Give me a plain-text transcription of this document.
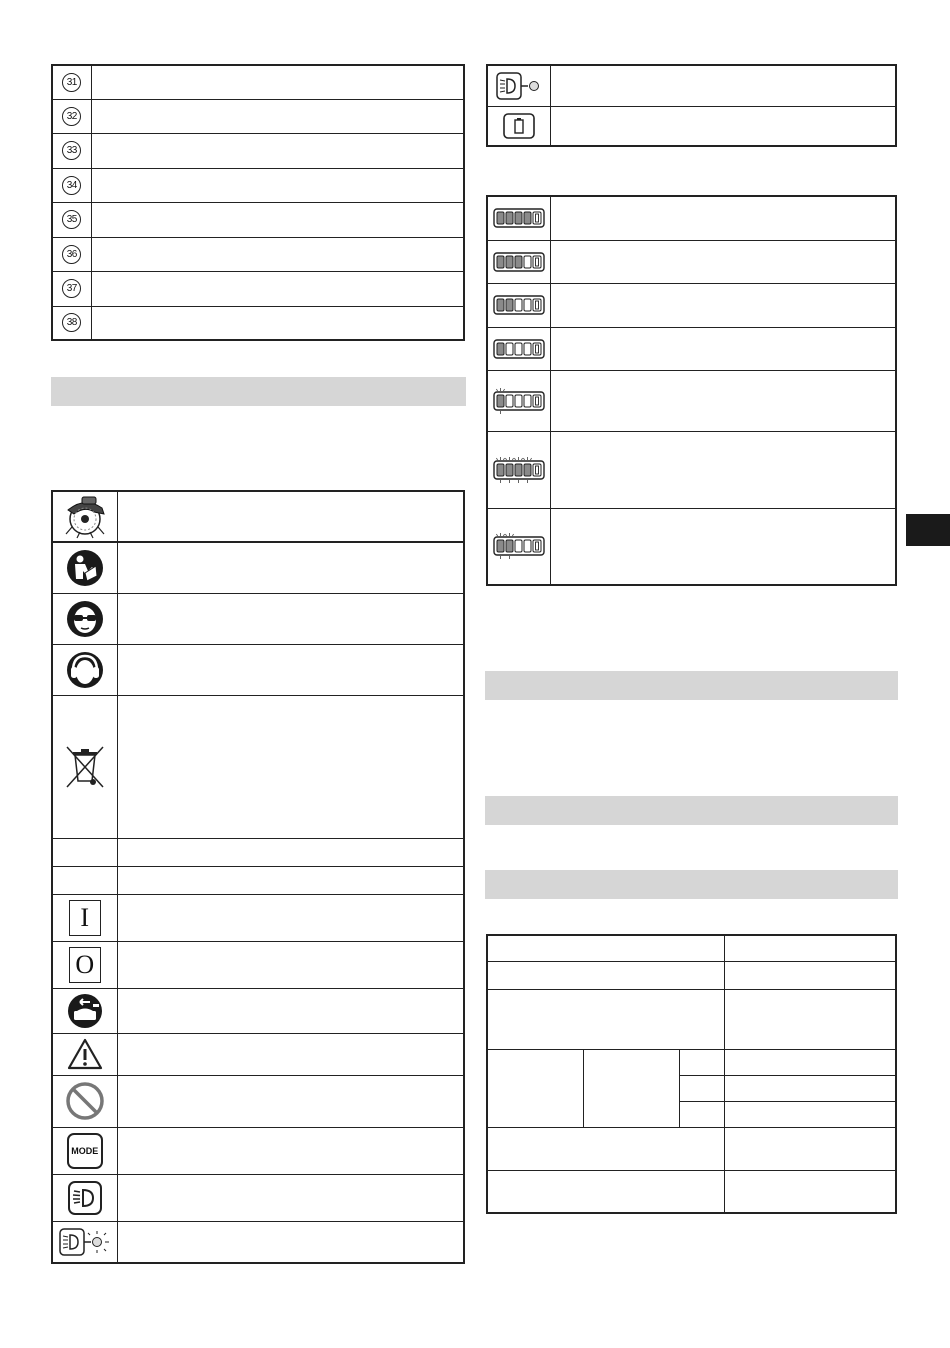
31	
32	
33	
34	
35	
36	
37	
38	

I	

O	

MODE	
